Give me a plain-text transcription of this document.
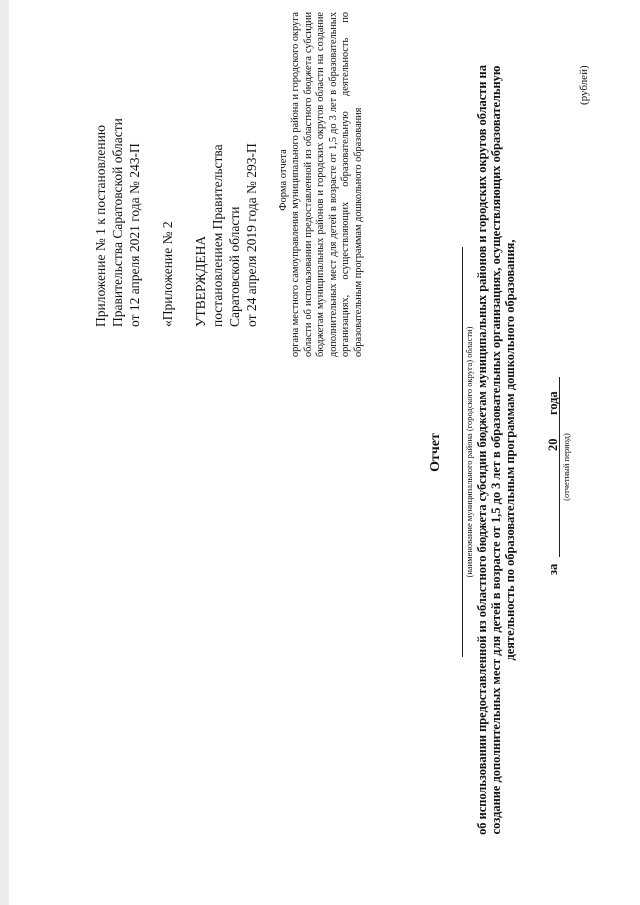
Приложение № 1 к постановлению Правительства Саратовской области от 12 апреля 2021 года № 243-П «Приложение № 2 УТВЕРЖДЕНА постановлением Правительства Саратовской области от 24 апреля 2019 года № 293-П Форма отчета органа местного самоуправления муниципального района и городского округа области об использовании предоставленной из областного бюджета субсидии бюджетам муниципальных районов и городских округов области на создание дополнительных мест для детей в возрасте от 1,5 до 3 лет в образовательных организациях, осуществляющих образовательную деятельность по образовательным программам дошкольного образования
Отчет (наименование муниципального района (городского округа) области) об использовании предоставленной из областного бюджета субсидии бюджетам муниципальных районов и городских округов области на создание дополнительных мест для детей в возрасте от 1,5 до 3 лет в образовательных организациях, осуществляющих образовательную деятельность по образовательным программам дошкольного образования, за
20
года
(отчетный период)
(рублей)
